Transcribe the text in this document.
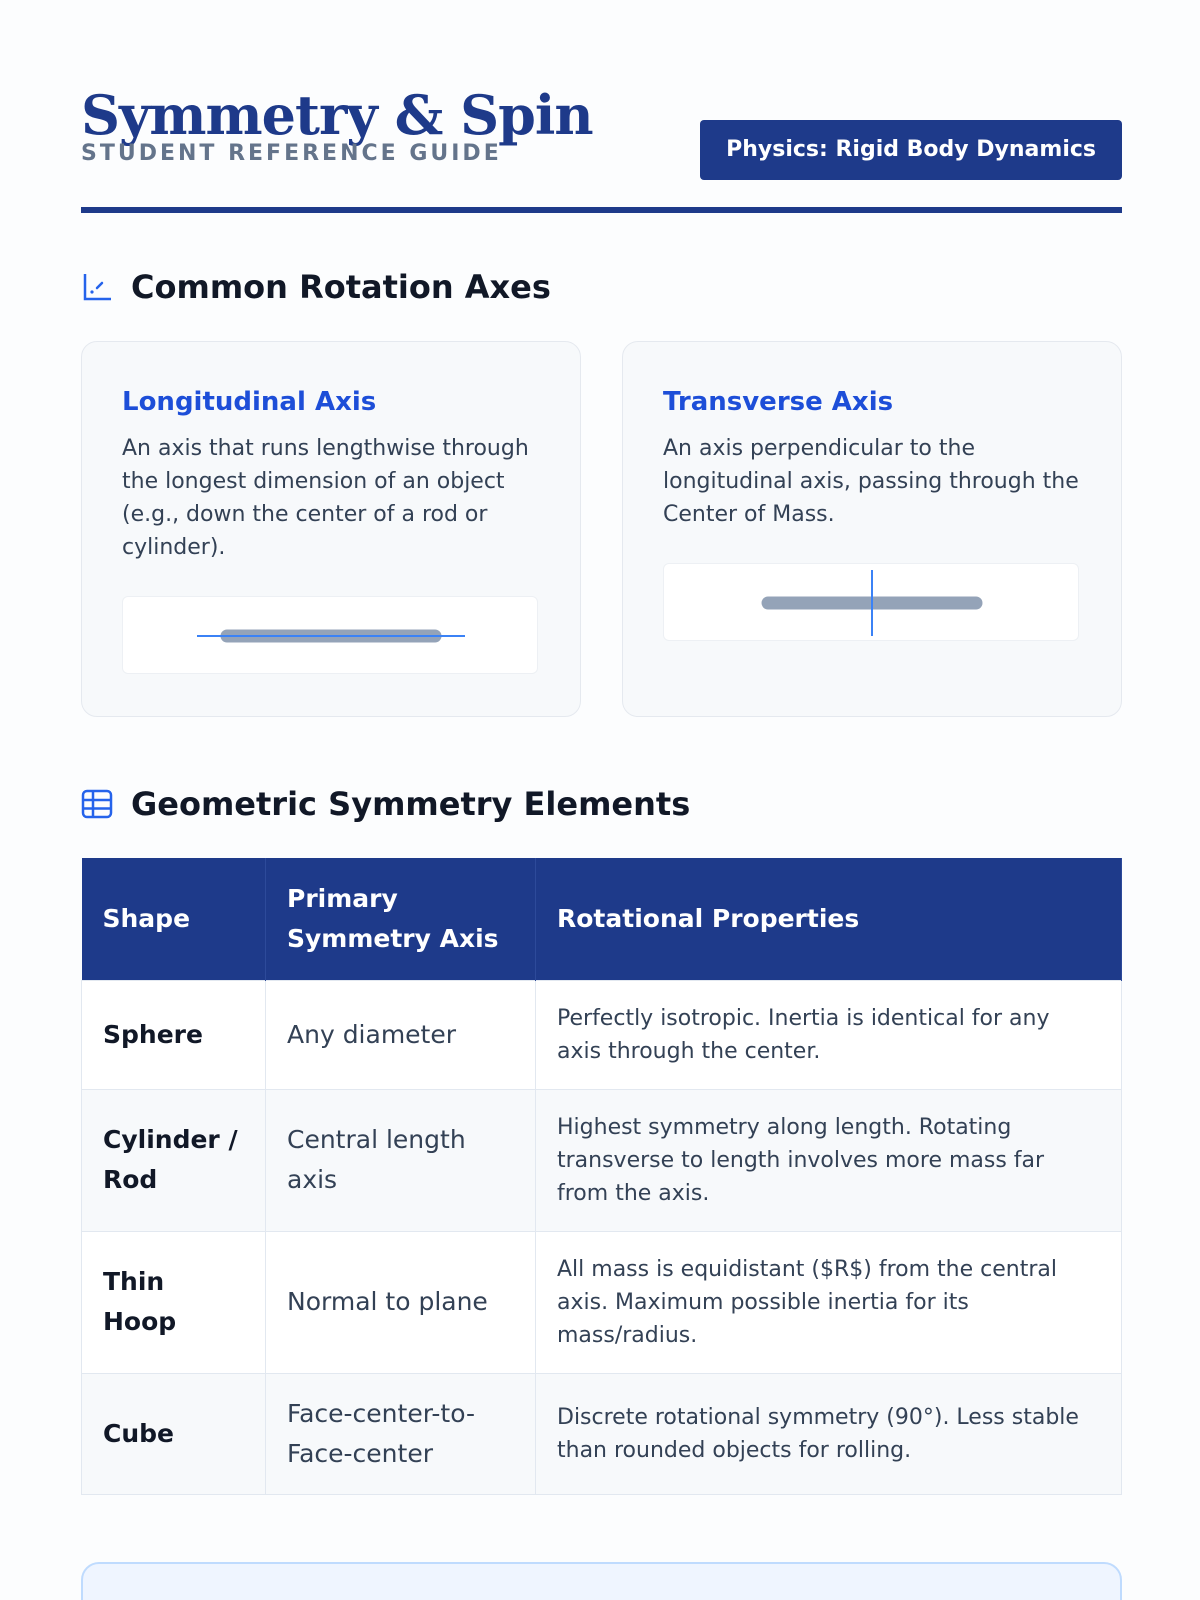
Symmetry & Spin
STUDENT REFERENCE GUIDE	Physics: Rigid Body Dynamics
Common Rotation Axes
Longitudinal Axis

An axis that runs lengthwise through the longest dimension of an object (e.g., down the center of a rod or cylinder).

Transverse Axis

An axis perpendicular to the longitudinal axis, passing through the Center of Mass.

Geometric Symmetry Elements
Shape	Primary Symmetry Axis	Rotational Properties
Sphere	Any diameter	Perfectly isotropic. Inertia is identical for any axis through the center.
Cylinder / Rod	Central length axis	Highest symmetry along length. Rotating transverse to length involves more mass far from the axis.
Thin Hoop	Normal to plane	All mass is equidistant ($R$) from the central axis. Maximum possible inertia for its mass/radius.
Cube	Face-center-to-Face-center	Discrete rotational symmetry (90°). Less stable than rounded objects for rolling.
